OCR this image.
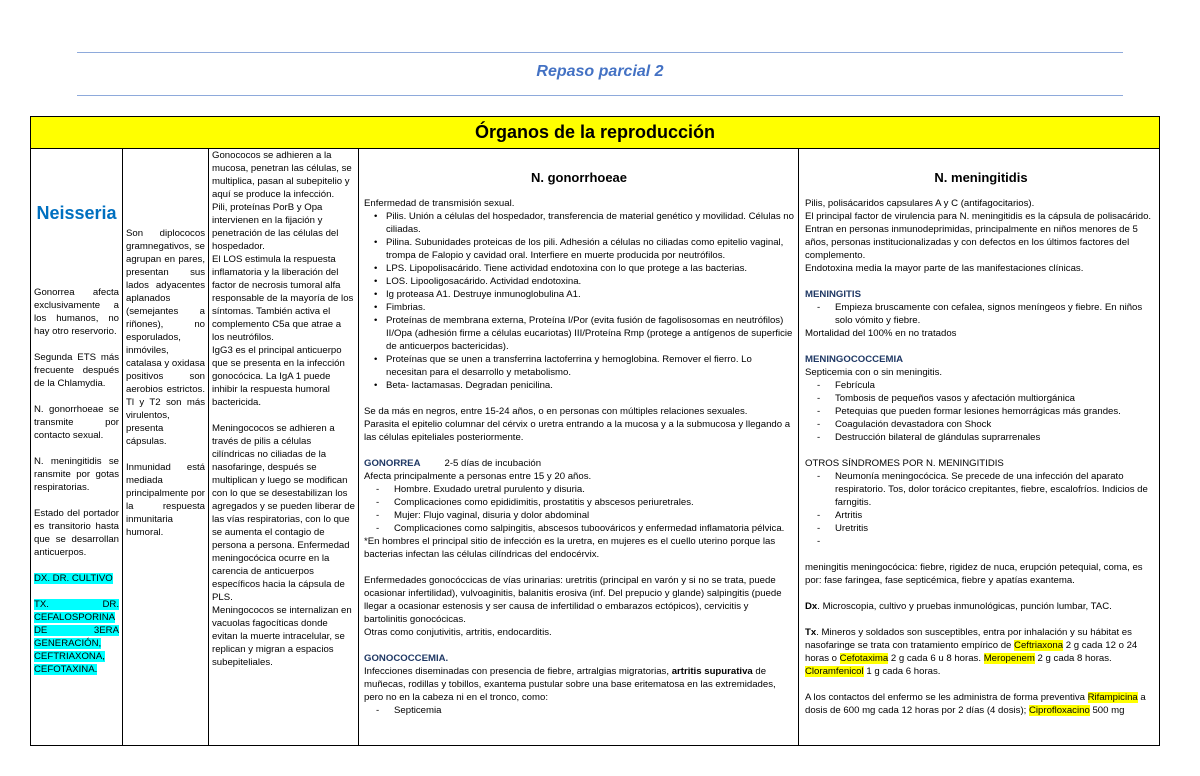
Repaso parcial 2
Órganos de la reproducción
Neisseria

Gonorrea afecta exclusivamente a los humanos, no hay otro reservorio.

Segunda ETS más frecuente después de la Chlamydia.

N. gonorrhoeae se transmite por contacto sexual.

N. meningitidis se ransmite por gotas respiratorias.

Estado del portador es transitorio hasta que se desarrollan anticuerpos.

DX. DR. CULTIVO

TX. DR. CEFALOSPORINA DE 3ERA GENERACIÓN, CEFTRIAXONA, CEFOTAXINA.

Son diplococos gramnegativos, se agrupan en pares, presentan sus lados adyacentes aplanados (semejantes a riñones), no esporulados, inmóviles, catalasa y oxidasa positivos son aerobios estrictos. Tl y T2 son más virulentos, presenta cápsulas.

Inmunidad está mediada principalmente por la respuesta inmunitaria humoral.

Gonococos se adhieren a la mucosa, penetran las células, se multiplica, pasan al subepitelio y aquí se produce la infección.

Pili, proteínas PorB y Opa intervienen en la fijación y penetración de las células del hospedador.

El LOS estimula la respuesta inflamatoria y la liberación del factor de necrosis tumoral alfa responsable de la mayoría de los síntomas. También activa el complemento C5a que atrae a los neutrófilos.

IgG3 es el principal anticuerpo que se presenta en la infección gonocócica. La IgA 1 puede inhibir la respuesta humoral bactericida.

Meningococos se adhieren a través de pilis a células cilíndricas no ciliadas de la nasofaringe, después se multiplican y luego se modifican con lo que se desestabilizan los agregados y se pueden liberar de las vías respiratorias, con lo que se aumenta el contagio de persona a persona. Enfermedad meningocócica ocurre en la carencia de anticuerpos específicos hacia la cápsula de PLS.

Meningococos se internalizan en vacuolas fagocíticas donde evitan la muerte intracelular, se replican y migran a espacios subepiteliales.

N. gonorrhoeae

Enfermedad de transmisión sexual.

• Pilis. Unión a células del hospedador, transferencia de material genético y movilidad. Células no ciliadas.
• Pilina. Subunidades proteicas de los pili. Adhesión a células no ciliadas como epitelio vaginal, trompa de Falopio y cavidad oral. Interfiere en muerte producida por neutrófilos.
• LPS. Lipopolisacárido. Tiene actividad endotoxina con lo que protege a las bacterias.
• LOS. Lipooligosacárido. Actividad endotoxina.
• Ig proteasa A1. Destruye inmunoglobulina A1.
• Fimbrias.
• Proteínas de membrana externa, Proteína I/Por (evita fusión de fagolisosomas en neutrófilos) II/Opa (adhesión firme a células eucariotas) III/Proteína Rmp (protege a antígenos de superficie de anticuerpos bactericidas).
• Proteínas que se unen a transferrina lactoferrina y hemoglobina. Remover el fierro. Lo necesitan para el desarrollo y metabolismo.
• Beta- lactamasas. Degradan penicilina.

Se da más en negros, entre 15-24 años, o en personas con múltiples relaciones sexuales.

Parasita el epitelio columnar del cérvix o uretra entrando a la mucosa y a la submucosa y llegando a las células epiteliales posteriormente.

GONORREA	2-5 días de incubación

Afecta principalmente a personas entre 15 y 20 años.

- Hombre. Exudado uretral purulento y disuria.
- Complicaciones como epididimitis, prostatitis y abscesos periuretrales.
- Mujer: Flujo vaginal, disuria y dolor abdominal
- Complicaciones como salpingitis, abscesos tuboováricos y enfermedad inflamatoria pélvica.

*En hombres el principal sitio de infección es la uretra, en mujeres es el cuello uterino porque las bacterias infectan las células cilíndricas del endocérvix.

Enfermedades gonocóccicas de vías urinarias: uretritis (principal en varón y si no se trata, puede ocasionar infertilidad), vulvoaginitis, balanitis erosiva (inf. Del prepucio y glande) salpingitis (puede llegar a ocasionar estenosis y ser causa de infertilidad o embarazos ectópicos), cervicitis y bartolinitis gonocócicas.

Otras como conjutivitis, artritis, endocarditis.

GONOCOCCEMIA.

Infecciones diseminadas con presencia de fiebre, artralgias migratorias, artritis supurativa de muñecas, rodillas y tobillos, exantema pustular sobre una base eritematosa en las extremidades, pero no en la cabeza ni en el tronco, como:

- Septicemia
N. meningitidis

Pilis, polisácaridos capsulares A y C (antifagocitarios).

El principal factor de virulencia para N. meningitidis es la cápsula de polisacárido.

Entran en personas inmunodeprimidas, principalmente en niños menores de 5 años, personas institucionalizadas y con defectos en los últimos factores del complemento.

Endotoxina media la mayor parte de las manifestaciones clínicas.

MENINGITIS

- Empieza bruscamente con cefalea, signos meníngeos y fiebre. En niños solo vómito y fiebre.

Mortalidad del 100% en no tratados

MENINGOCOCCEMIA

Septicemia con o sin meningitis.

- Febrícula
- Tombosis de pequeños vasos y afectación multiorgánica
- Petequias que pueden formar lesiones hemorrágicas más grandes.
- Coagulación devastadora con Shock
- Destrucción bilateral de glándulas suprarrenales

OTROS SÍNDROMES POR N. MENINGITIDIS

- Neumonía meningocócica. Se precede de una infección del aparato respiratorio. Tos, dolor torácico crepitantes, fiebre, escalofríos. Indicios de farngitis.
- Artritis
- Uretritis
-

meningitis meningocócica: fiebre, rigidez de nuca, erupción petequial, coma, es por: fase faringea, fase septicémica, fiebre y apatías exantema.

Dx. Microscopia, cultivo y pruebas inmunológicas, punción lumbar, TAC.

Tx. Mineros y soldados son susceptibles, entra por inhalación y su hábitat es nasofaringe se trata con tratamiento empírico de Ceftriaxona 2 g cada 12 o 24 horas o Cefotaxima 2 g cada 6 u 8 horas. Meropenem 2 g cada 8 horas. Cloramfenicol 1 g cada 6 horas.

A los contactos del enfermo se les administra de forma preventiva Rifampicina a dosis de 600 mg cada 12 horas por 2 días (4 dosis); Ciprofloxacino 500 mg
